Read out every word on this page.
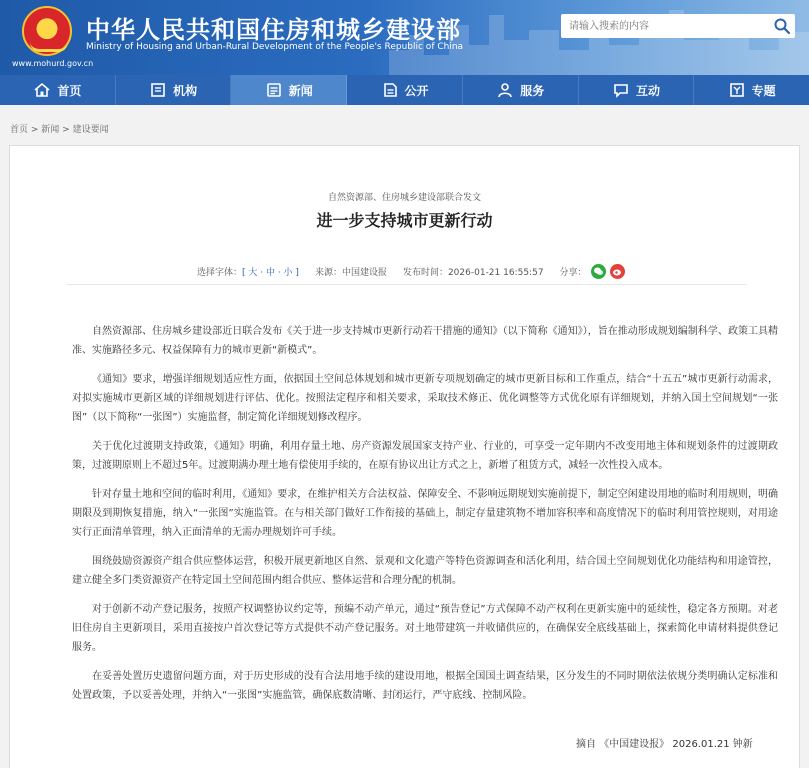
★
www.mohurd.gov.cn
中华人民共和国住房和城乡建设部
Ministry of Housing and Urban-Rural Development of the People's Republic of China
请输入搜索的内容
首页	机构	新闻	公开	服务	互动	专题
首页 > 新闻 > 建设要闻
自然资源部、住房城乡建设部联合发文
进一步支持城市更新行动
选择字体： [ 大 · 中 · 小 ] 来源：中国建设报 发布时间：2026-01-21 16:55:57 分享：

自然资源部、住房城乡建设部近日联合发布《关于进一步支持城市更新行动若干措施的通知》（以下简称《通知》），旨在推动形成规划编制科学、政策工具精准、实施路径多元、权益保障有力的城市更新“新模式”。

《通知》要求，增强详细规划适应性方面，依据国土空间总体规划和城市更新专项规划确定的城市更新目标和工作重点，结合“十五五”城市更新行动需求，对拟实施城市更新区域的详细规划进行评估、优化。按照法定程序和相关要求，采取技术修正、优化调整等方式优化原有详细规划，并纳入国土空间规划“一张图”（以下简称“一张图”）实施监督，制定简化详细规划修改程序。

关于优化过渡期支持政策，《通知》明确，利用存量土地、房产资源发展国家支持产业、行业的，可享受一定年期内不改变用地主体和规划条件的过渡期政策，过渡期原则上不超过5年。过渡期满办理土地有偿使用手续的，在原有协议出让方式之上，新增了租赁方式，减轻一次性投入成本。

针对存量土地和空间的临时利用，《通知》要求，在维护相关方合法权益、保障安全、不影响远期规划实施前提下，制定空闲建设用地的临时利用规则，明确期限及到期恢复措施，纳入“一张图”实施监管。在与相关部门做好工作衔接的基础上，制定存量建筑物不增加容积率和高度情况下的临时利用管控规则，对用途实行正面清单管理，纳入正面清单的无需办理规划许可手续。

围绕鼓励资源资产组合供应整体运营，积极开展更新地区自然、景观和文化遗产等特色资源调查和活化利用，结合国土空间规划优化功能结构和用途管控，建立健全多门类资源资产在特定国土空间范围内组合供应、整体运营和合理分配的机制。

对于创新不动产登记服务，按照产权调整协议约定等，预编不动产单元，通过“预告登记”方式保障不动产权利在更新实施中的延续性，稳定各方预期。对老旧住房自主更新项目，采用直接按户首次登记等方式提供不动产登记服务。对土地带建筑一并收储供应的，在确保安全底线基础上，探索简化申请材料提供登记服务。

在妥善处置历史遗留问题方面，对于历史形成的没有合法用地手续的建设用地，根据全国国土调查结果，区分发生的不同时期依法依规分类明确认定标准和处置政策，予以妥善处理，并纳入“一张图”实施监管，确保底数清晰、封闭运行，严守底线、控制风险。

摘自 《中国建设报》 2026.01.21 钟新
